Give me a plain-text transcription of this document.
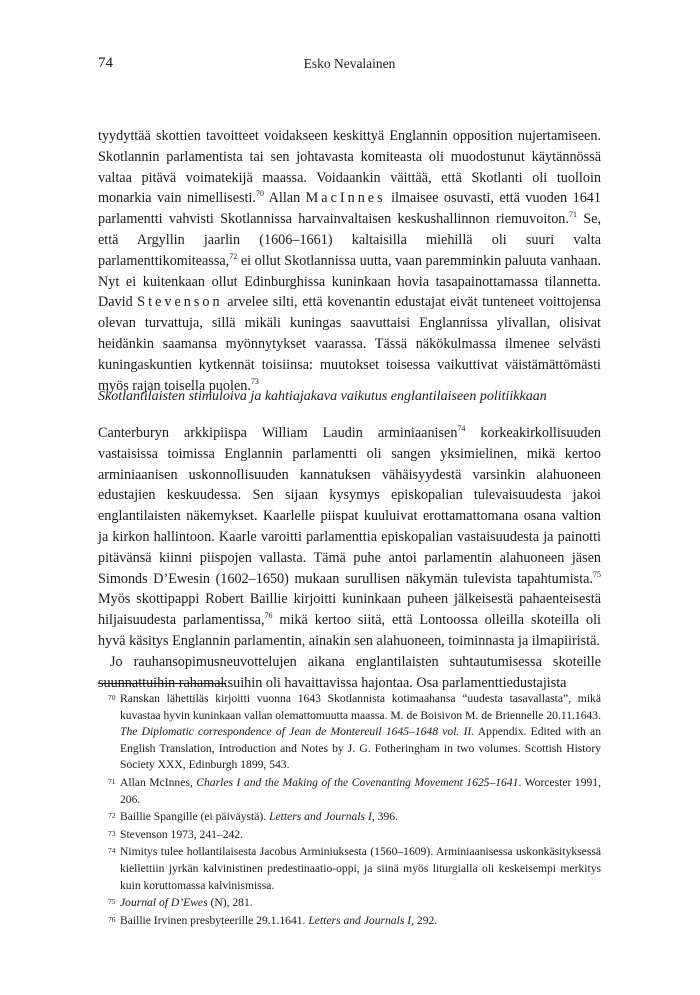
74	Esko Nevalainen

tyydyttää skottien tavoitteet voidakseen keskittyä Englannin opposition nujertamiseen. Skotlannin parlamentista tai sen johtavasta komiteasta oli muodostunut käytännössä valtaa pitävä voimatekijä maassa. Voidaankin väittää, että Skotlanti oli tuolloin monarkia vain nimellisesti.$^{70}$ Allan MacInnes ilmaisee osuvasti, että vuoden 1641 parlamentti vahvisti Skotlannissa harvainvaltaisen keskushallinnon riemuvoiton.$^{71}$ Se, että Argyllin jaarlin (1606–1661) kaltaisilla miehillä oli suuri valta parlamenttikomiteassa,$^{72}$ ei ollut Skotlannissa uutta, vaan paremminkin paluuta vanhaan. Nyt ei kuitenkaan ollut Edinburghissa kuninkaan hovia tasapainottamassa tilannetta. David Stevenson arvelee silti, että kovenantin edustajat eivät tunteneet voittojensa olevan turvattuja, sillä mikäli kuningas saavuttaisi Englannissa ylivallan, olisivat heidänkin saamansa myönnytykset vaarassa. Tässä näkökulmassa ilmenee selvästi kuningaskuntien kytkennät toisiinsa: muutokset toisessa vaikuttivat väistämättömästi myös rajan toisella puolen.$^{73}$

Skotlantilaisten stimuloiva ja kahtiajakava vaikutus englantilaiseen politiikkaan

Canterburyn arkkipiispa William Laudin arminiaanisen$^{74}$ korkeakirkollisuuden vastaisissa toimissa Englannin parlamentti oli sangen yksimielinen, mikä kertoo arminiaanisen uskonnollisuuden kannatuksen vähäisyydestä varsinkin alahuoneen edustajien keskuudessa. Sen sijaan kysymys episkopalian tulevaisuudesta jakoi englantilaisten näkemykset. Kaarlelle piispat kuuluivat erottamattomana osana valtion ja kirkon hallintoon. Kaarle varoitti parlamenttia episkopalian vastaisuudesta ja painotti pitävänsä kiinni piispojen vallasta. Tämä puhe antoi parlamentin alahuoneen jäsen Simonds D’Ewesin (1602–1650) mukaan surullisen näkymän tulevista tapahtumista.$^{75}$ Myös skottipappi Robert Baillie kirjoitti kuninkaan puheen jälkeisestä pahaenteisestä hiljaisuudesta parlamentissa,$^{76}$ mikä kertoo siitä, että Lontoossa olleilla skoteilla oli hyvä käsitys Englannin parlamentin, ainakin sen alahuoneen, toiminnasta ja ilmapiiristä.

Jo rauhansopimusneuvottelujen aikana englantilaisten suhtautumisessa skoteille suunnattuihin rahamaksuihin oli havaittavissa hajontaa. Osa parlamenttiedustajista

70 Ranskan lähettiläs kirjoitti vuonna 1643 Skotlannista kotimaahansa “uudesta tasavallasta”, mikä kuvastaa hyvin kuninkaan vallan olemattomuutta maassa. M. de Boisivon M. de Briennelle 20.11.1643. The Diplomatic correspondence of Jean de Montereuil 1645–1648 vol. II. Appendix. Edited with an English Translation, Introduction and Notes by J. G. Fotheringham in two volumes. Scottish History Society XXX, Edinburgh 1899, 543.
71 Allan McInnes, Charles I and the Making of the Covenanting Movement 1625–1641. Worcester 1991, 206.
72 Baillie Spangille (ei päiväystä). Letters and Journals I, 396.
73 Stevenson 1973, 241–242.
74 Nimitys tulee hollantilaisesta Jacobus Arminiuksesta (1560–1609). Arminiaanisessa uskonkäsityksessä kiellettiin jyrkän kalvinistinen predestinaatio-oppi, ja siinä myös liturgialla oli keskeisempi merkitys kuin koruttomassa kalvinismissa.
75 Journal of D’Ewes (N), 281.
76 Baillie Irvinen presbyteerille 29.1.1641. Letters and Journals I, 292.
